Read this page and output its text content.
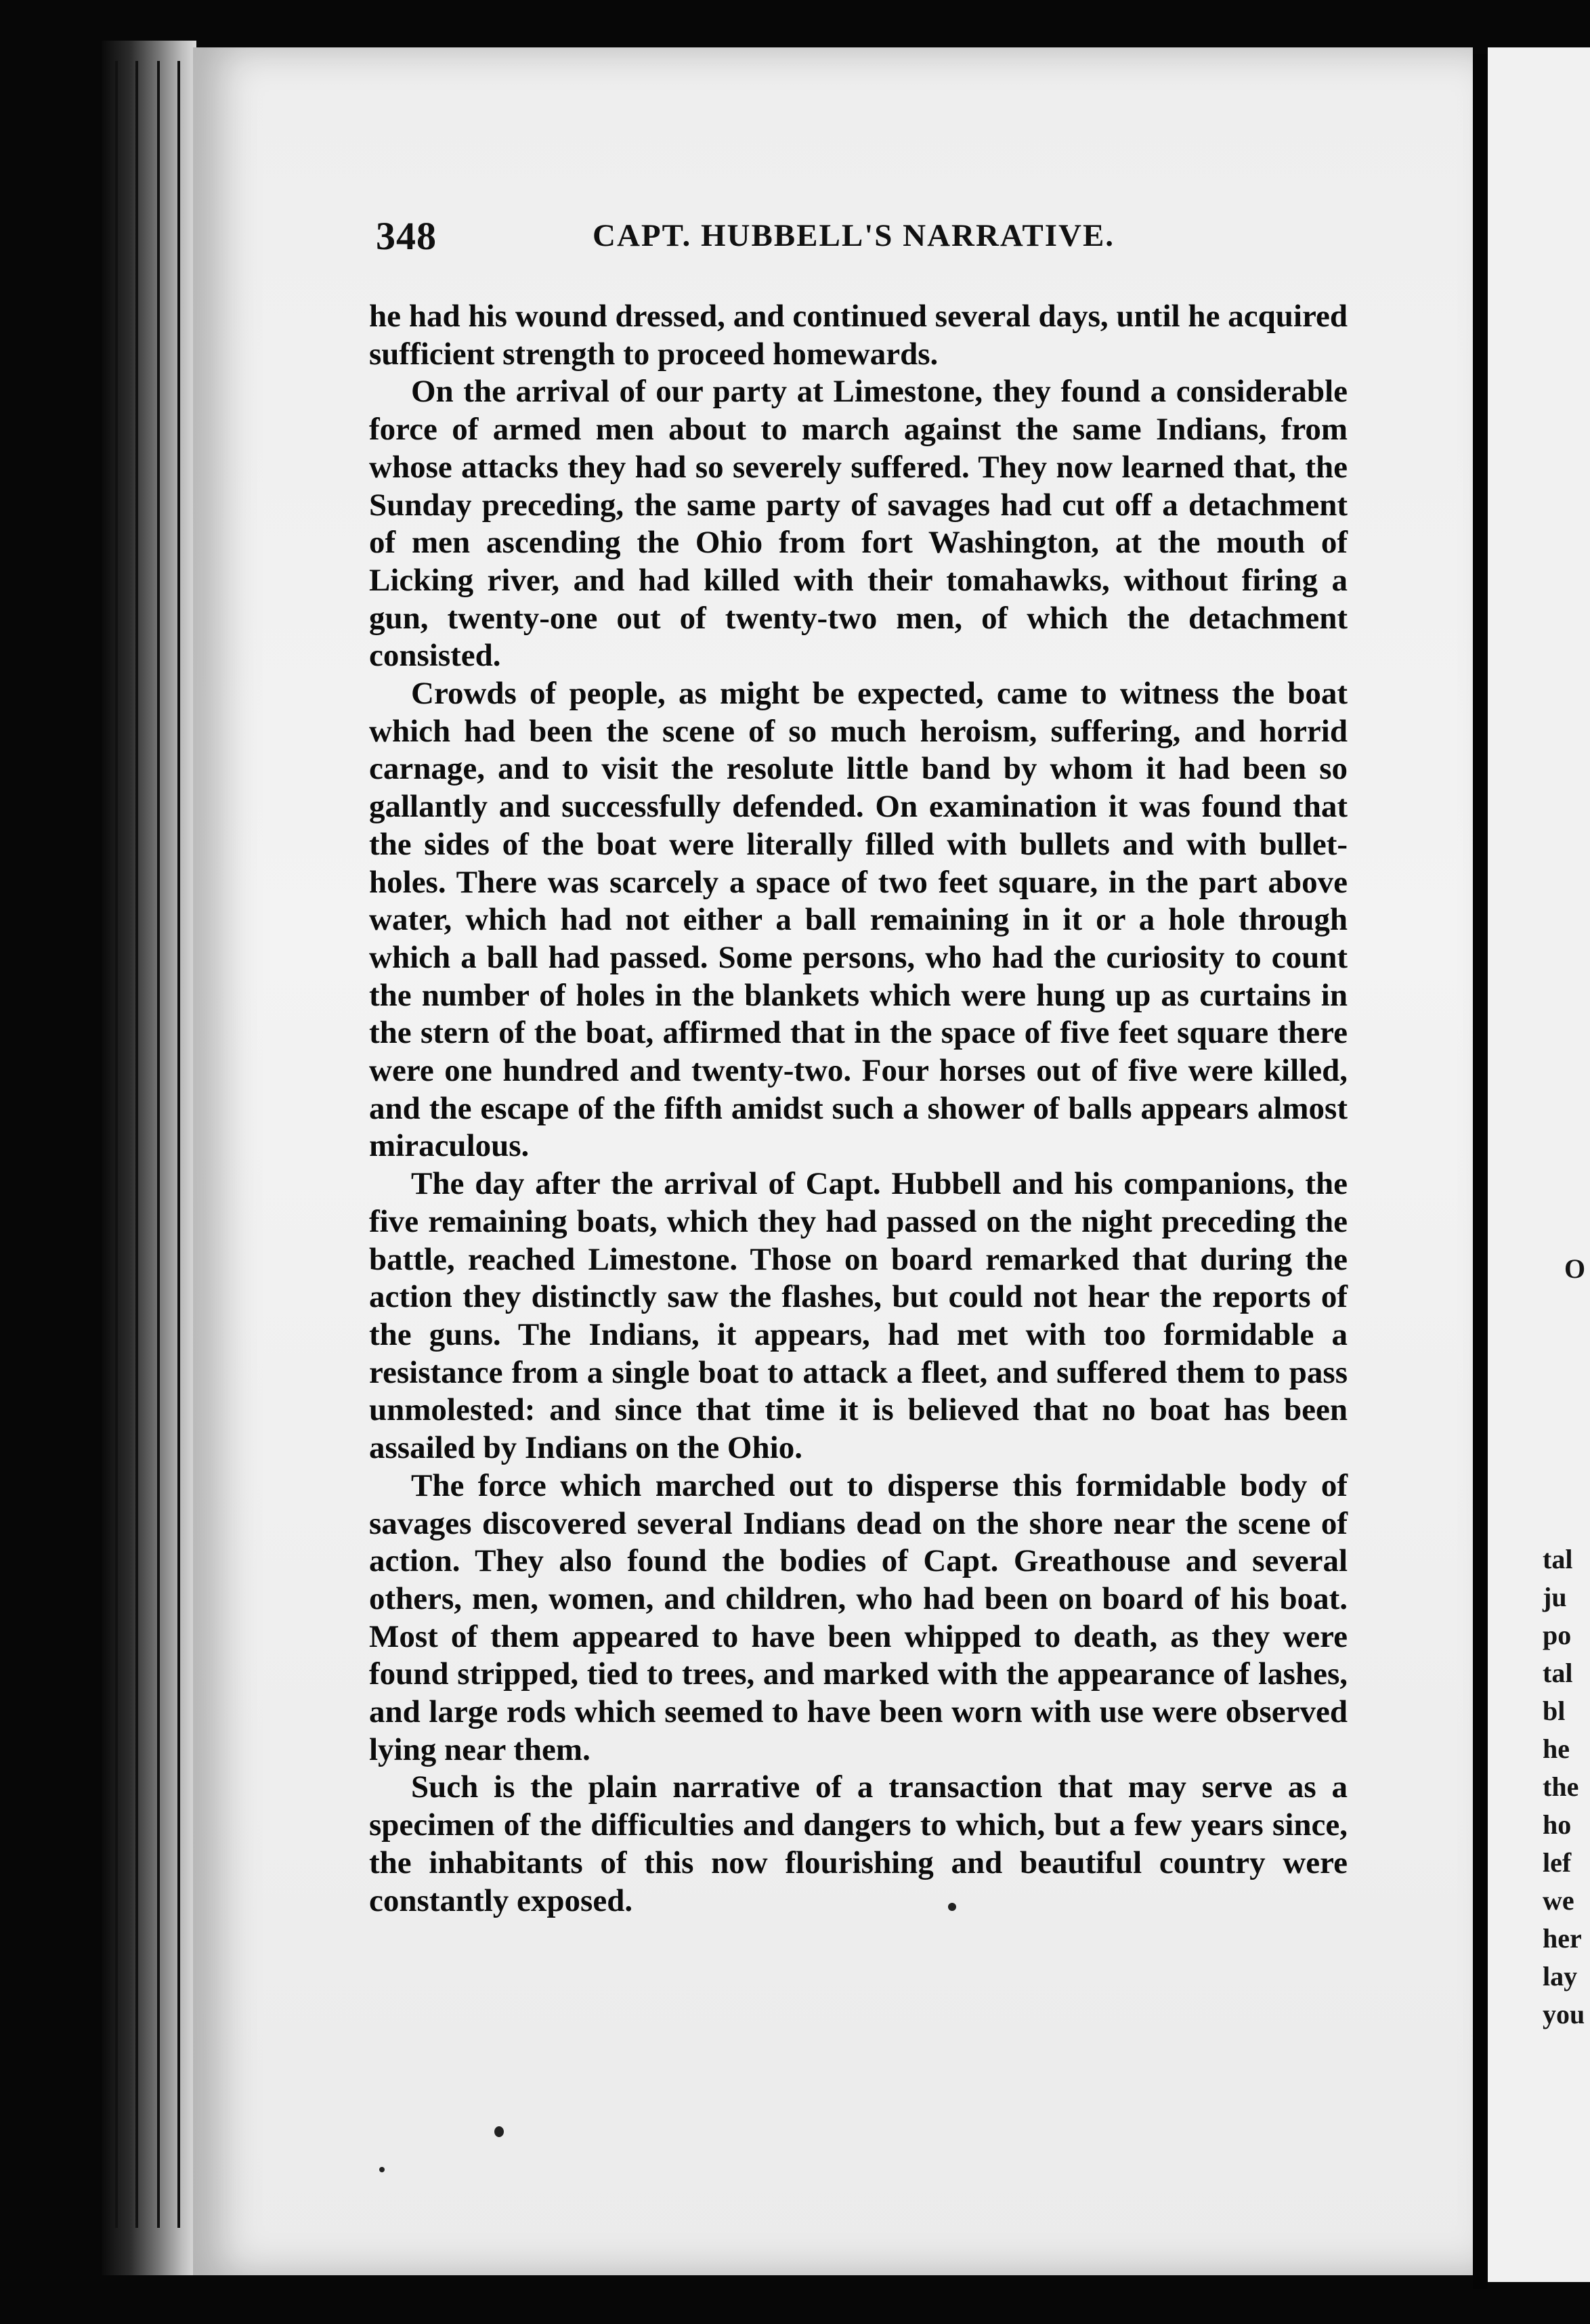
O
tal
ju
po
tal
bl
he
the
ho
lef
we
her
lay
you
348	CAPT. HUBBELL'S NARRATIVE.

he had his wound dressed, and continued several days, until he acquired sufficient strength to proceed homewards.

On the arrival of our party at Limestone, they found a considerable force of armed men about to march against the same Indians, from whose attacks they had so severely suffered. They now learned that, the Sunday preceding, the same party of savages had cut off a detachment of men ascending the Ohio from fort Washington, at the mouth of Licking river, and had killed with their tomahawks, without firing a gun, twenty-one out of twenty-two men, of which the detachment consisted.

Crowds of people, as might be expected, came to witness the boat which had been the scene of so much heroism, suffering, and horrid carnage, and to visit the resolute little band by whom it had been so gallantly and successfully defended. On examination it was found that the sides of the boat were literally filled with bullets and with bullet-holes. There was scarcely a space of two feet square, in the part above water, which had not either a ball remaining in it or a hole through which a ball had passed. Some persons, who had the curiosity to count the number of holes in the blankets which were hung up as curtains in the stern of the boat, affirmed that in the space of five feet square there were one hundred and twenty-two. Four horses out of five were killed, and the escape of the fifth amidst such a shower of balls appears almost miraculous.

The day after the arrival of Capt. Hubbell and his companions, the five remaining boats, which they had passed on the night preceding the battle, reached Limestone. Those on board remarked that during the action they distinctly saw the flashes, but could not hear the reports of the guns. The Indians, it appears, had met with too formidable a resistance from a single boat to attack a fleet, and suffered them to pass unmolested: and since that time it is believed that no boat has been assailed by Indians on the Ohio.

The force which marched out to disperse this formidable body of savages discovered several Indians dead on the shore near the scene of action. They also found the bodies of Capt. Greathouse and several others, men, women, and children, who had been on board of his boat. Most of them appeared to have been whipped to death, as they were found stripped, tied to trees, and marked with the appearance of lashes, and large rods which seemed to have been worn with use were observed lying near them.

Such is the plain narrative of a transaction that may serve as a specimen of the difficulties and dangers to which, but a few years since, the inhabitants of this now flourishing and beautiful country were constantly exposed.
